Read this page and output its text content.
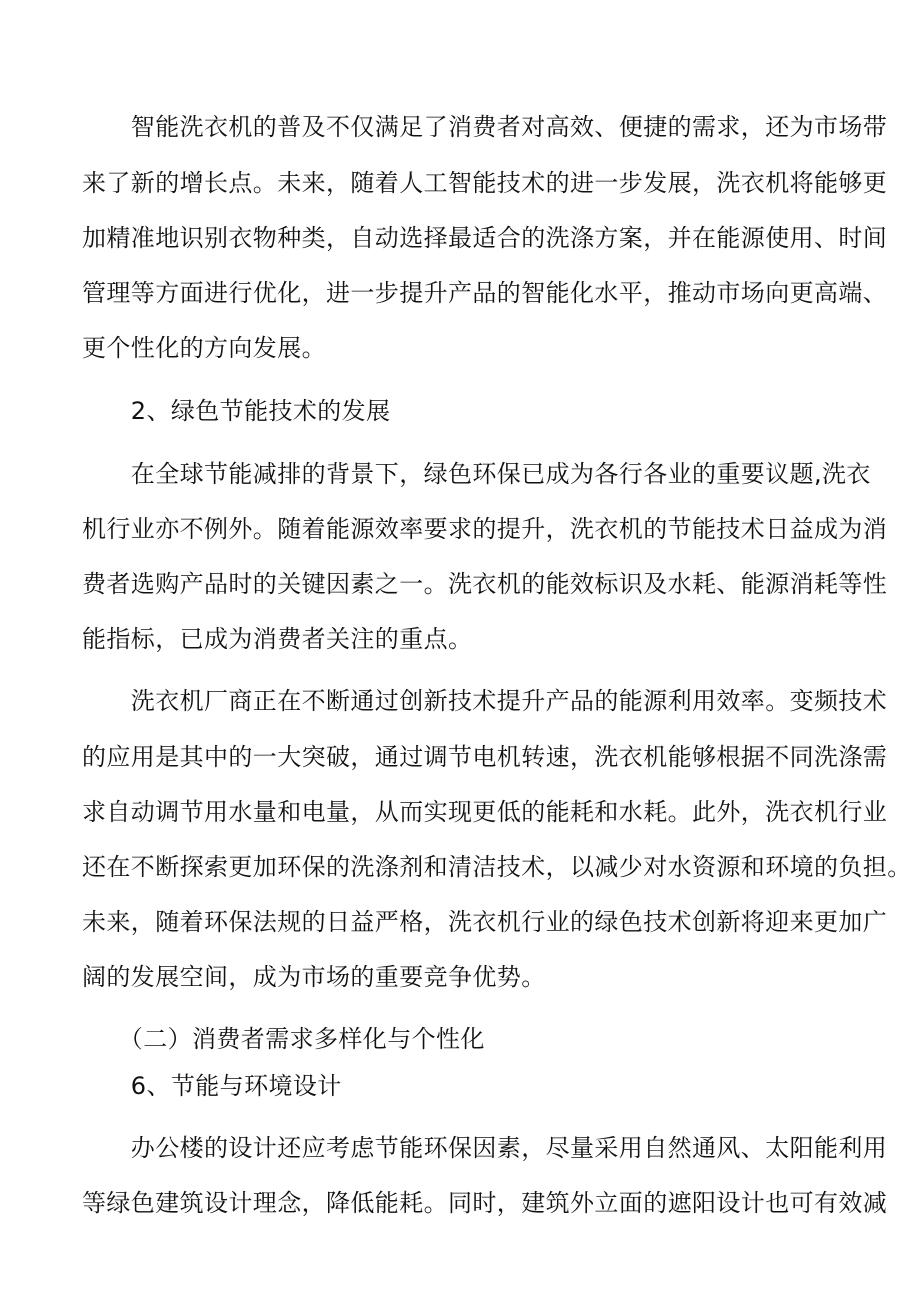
　　智能洗衣机的普及不仅满足了消费者对高效、便捷的需求，还为市场带
来了新的增长点。未来，随着人工智能技术的进一步发展，洗衣机将能够更
加精准地识别衣物种类，自动选择最适合的洗涤方案，并在能源使用、时间
管理等方面进行优化，进一步提升产品的智能化水平，推动市场向更高端、
更个性化的方向发展。
　　2、绿色节能技术的发展
　　在全球节能减排的背景下，绿色环保已成为各行各业的重要议题,洗衣
机行业亦不例外。随着能源效率要求的提升，洗衣机的节能技术日益成为消
费者选购产品时的关键因素之一。洗衣机的能效标识及水耗、能源消耗等性
能指标，已成为消费者关注的重点。
　　洗衣机厂商正在不断通过创新技术提升产品的能源利用效率。变频技术
的应用是其中的一大突破，通过调节电机转速，洗衣机能够根据不同洗涤需
求自动调节用水量和电量，从而实现更低的能耗和水耗。此外，洗衣机行业
还在不断探索更加环保的洗涤剂和清洁技术，以减少对水资源和环境的负担。
未来，随着环保法规的日益严格，洗衣机行业的绿色技术创新将迎来更加广
阔的发展空间，成为市场的重要竞争优势。
　　（二）消费者需求多样化与个性化
　　6、节能与环境设计
　　办公楼的设计还应考虑节能环保因素，尽量采用自然通风、太阳能利用
等绿色建筑设计理念，降低能耗。同时，建筑外立面的遮阳设计也可有效减
